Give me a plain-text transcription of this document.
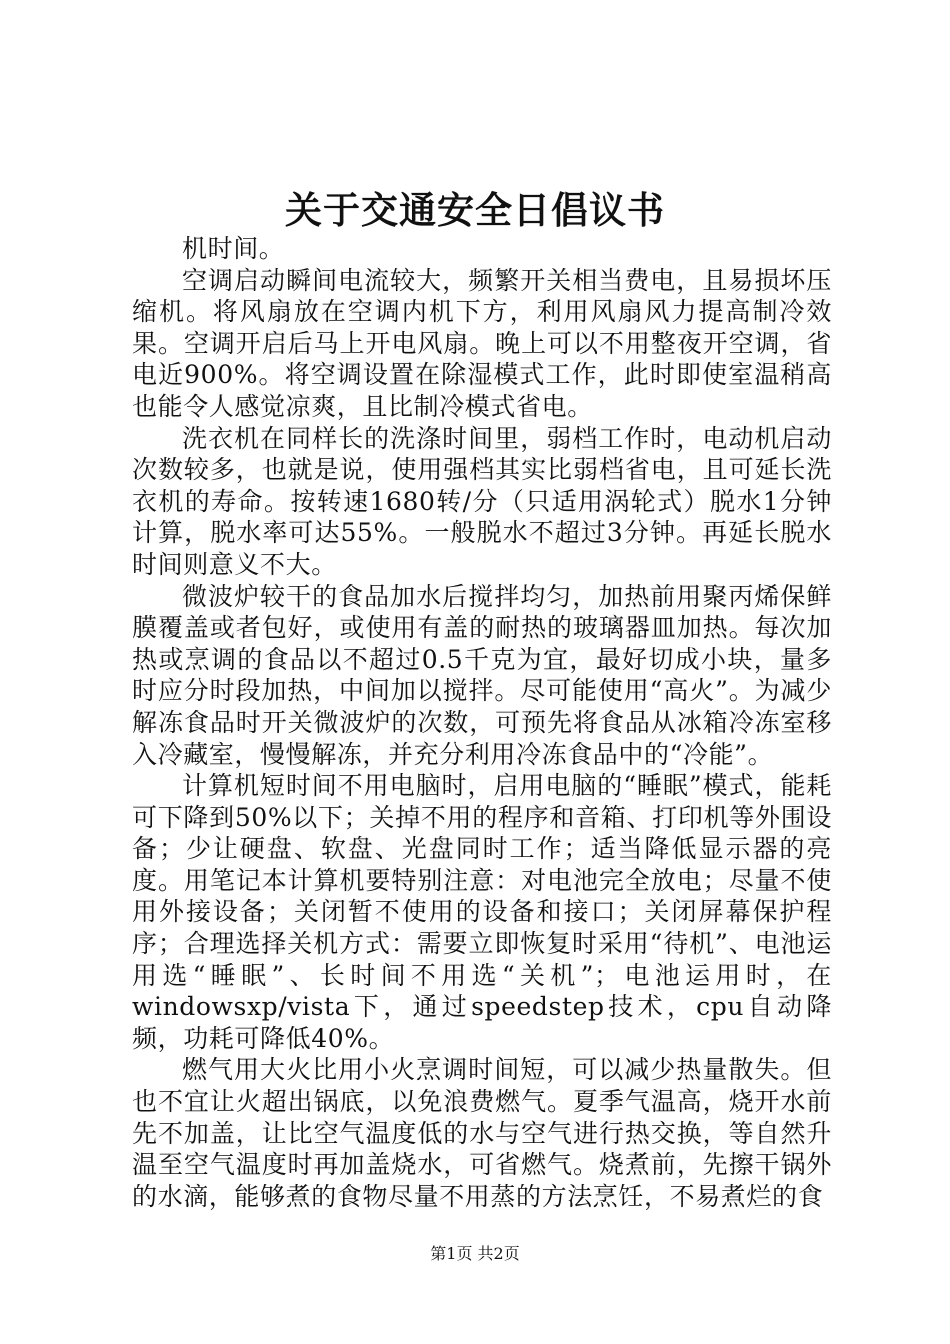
关于交通安全日倡议书

机时间。

空调启动瞬间电流较大，频繁开关相当费电，且易损坏压缩机。将风扇放在空调内机下方，利用风扇风力提高制冷效果。空调开启后马上开电风扇。晚上可以不用整夜开空调，省电近900%。将空调设置在除湿模式工作，此时即使室温稍高也能令人感觉凉爽，且比制冷模式省电。

洗衣机在同样长的洗涤时间里，弱档工作时，电动机启动次数较多，也就是说，使用强档其实比弱档省电，且可延长洗衣机的寿命。按转速1680转/分（只适用涡轮式）脱水1分钟计算，脱水率可达55%。一般脱水不超过3分钟。再延长脱水时间则意义不大。

微波炉较干的食品加水后搅拌均匀，加热前用聚丙烯保鲜膜覆盖或者包好，或使用有盖的耐热的玻璃器皿加热。每次加热或烹调的食品以不超过0.5千克为宜，最好切成小块，量多时应分时段加热，中间加以搅拌。尽可能使用“高火”。为减少解冻食品时开关微波炉的次数，可预先将食品从冰箱冷冻室移入冷藏室，慢慢解冻，并充分利用冷冻食品中的“冷能”。

计算机短时间不用电脑时，启用电脑的“睡眠”模式，能耗可下降到50%以下；关掉不用的程序和音箱、打印机等外围设备；少让硬盘、软盘、光盘同时工作；适当降低显示器的亮度。用笔记本计算机要特别注意：对电池完全放电；尽量不使用外接设备；关闭暂不使用的设备和接口；关闭屏幕保护程序；合理选择关机方式：需要立即恢复时采用“待机”、电池运用选“睡眠”、长时间不用选“关机”；电池运用时，在windowsxp/vista下，通过speedstep技术，cpu自动降频，功耗可降低40%。

燃气用大火比用小火烹调时间短，可以减少热量散失。但也不宜让火超出锅底，以免浪费燃气。夏季气温高，烧开水前先不加盖，让比空气温度低的水与空气进行热交换，等自然升温至空气温度时再加盖烧水，可省燃气。烧煮前，先擦干锅外的水滴，能够煮的食物尽量不用蒸的方法烹饪，不易煮烂的食

第1页 共2页
